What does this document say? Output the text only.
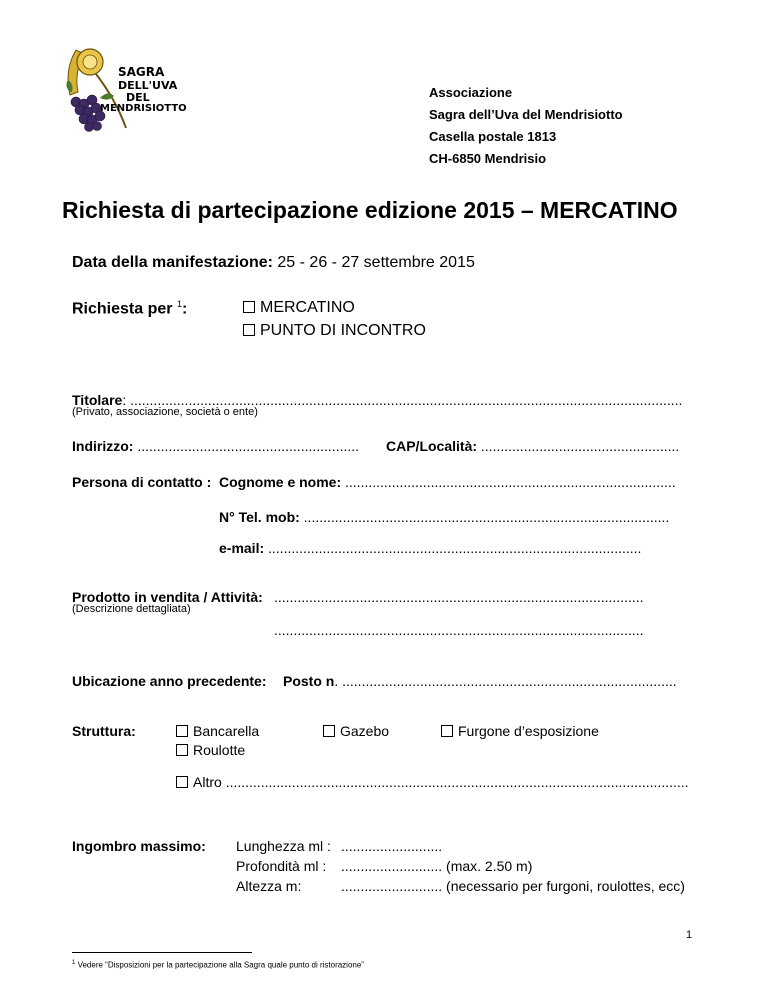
SAGRA
DELL'UVA
DEL
MENDRISIOTTO
Associazione
Sagra dell’Uva del Mendrisiotto
Casella postale 1813
CH-6850 Mendrisio
Richiesta di partecipazione edizione 2015 – MERCATINO
Data della manifestazione: 25 - 26 - 27 settembre 2015
Richiesta per $^1$:	MERCATINO
PUNTO DI INCONTRO
Titolare: ..............................................................................................................................................
(Privato, associazione, società o ente)
Indirizzo: ......................................................... CAP/Località: ...................................................
Persona di contatto : Cognome e nome: .....................................................................................
N° Tel. mob: ..............................................................................................
e-mail: ................................................................................................
Prodotto in vendita / Attività: ...............................................................................................
(Descrizione dettagliata)
...............................................................................................
Ubicazione anno precedente: Posto n. ......................................................................................
Struttura:	Bancarella	Gazebo	Furgone d’esposizione
Roulotte
Altro .......................................................................................................................
Ingombro massimo: Lunghezza ml : ..........................
Profondità ml : .......................... (max. 2.50 m)
Altezza m:	.......................... (necessario per furgoni, roulottes, ecc)
1
$^1$ Vedere “Disposizioni per la partecipazione alla Sagra quale punto di ristorazione”
